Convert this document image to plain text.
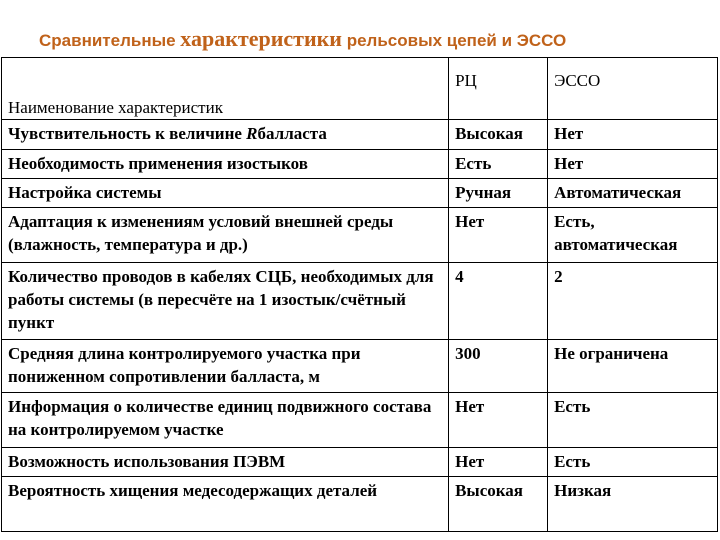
Сравнительные характеристики рельсовых цепей и ЭССО
Наименование характеристик	РЦ	ЭССО

Чувствительность к величине Rбалласта	Высокая	Нет
Необходимость применения изостыков	Есть	Нет
Настройка системы	Ручная	Автоматическая
Адаптация к изменениям условий внешней среды (влажность, температура и др.)	Нет	Есть, автоматическая
Количество проводов в кабелях СЦБ, необходимых для работы системы (в пересчёте на 1 изостык/счётный пункт	4	2
Средняя длина контролируемого участка при пониженном сопротивлении балласта, м	300	Не ограничена
Информация о количестве единиц подвижного состава на контролируемом участке	Нет	Есть
Возможность использования ПЭВМ	Нет	Есть
Вероятность хищения медесодержащих деталей	Высокая	Низкая
